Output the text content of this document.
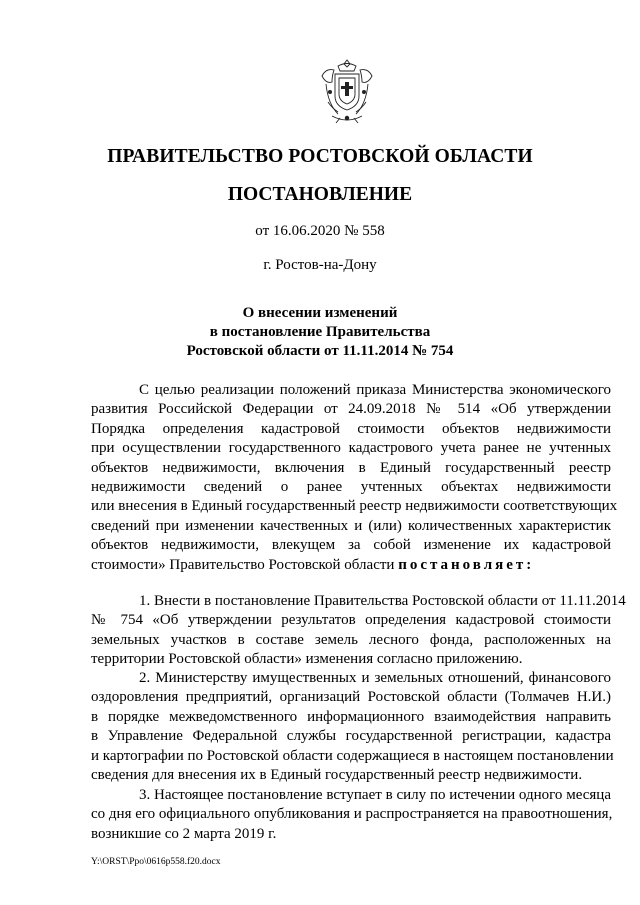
ПРАВИТЕЛЬСТВО РОСТОВСКОЙ ОБЛАСТИ
ПОСТАНОВЛЕНИЕ
от 16.06.2020 № 558
г. Ростов-на-Дону
О внесении изменений
в постановление Правительства
Ростовской области от 11.11.2014 № 754
С целью реализации положений приказа Министерства экономического
развития Российской Федерации от 24.09.2018 № 514 «Об утверждении
Порядка определения кадастровой стоимости объектов недвижимости
при осуществлении государственного кадастрового учета ранее не учтенных
объектов недвижимости, включения в Единый государственный реестр
недвижимости сведений о ранее учтенных объектах недвижимости
или внесения в Единый государственный реестр недвижимости соответствующих
сведений при изменении качественных и (или) количественных характеристик
объектов недвижимости, влекущем за собой изменение их кадастровой
стоимости» Правительство Ростовской области постановляет:
1. Внести в постановление Правительства Ростовской области от 11.11.2014
№ 754 «Об утверждении результатов определения кадастровой стоимости
земельных участков в составе земель лесного фонда, расположенных на
территории Ростовской области» изменения согласно приложению.
2. Министерству имущественных и земельных отношений, финансового
оздоровления предприятий, организаций Ростовской области (Толмачев Н.И.)
в порядке межведомственного информационного взаимодействия направить
в Управление Федеральной службы государственной регистрации, кадастра
и картографии по Ростовской области содержащиеся в настоящем постановлении
сведения для внесения их в Единый государственный реестр недвижимости.
3. Настоящее постановление вступает в силу по истечении одного месяца
со дня его официального опубликования и распространяется на правоотношения,
возникшие со 2 марта 2019 г.
Y:\ORST\Ppo\0616p558.f20.docx
